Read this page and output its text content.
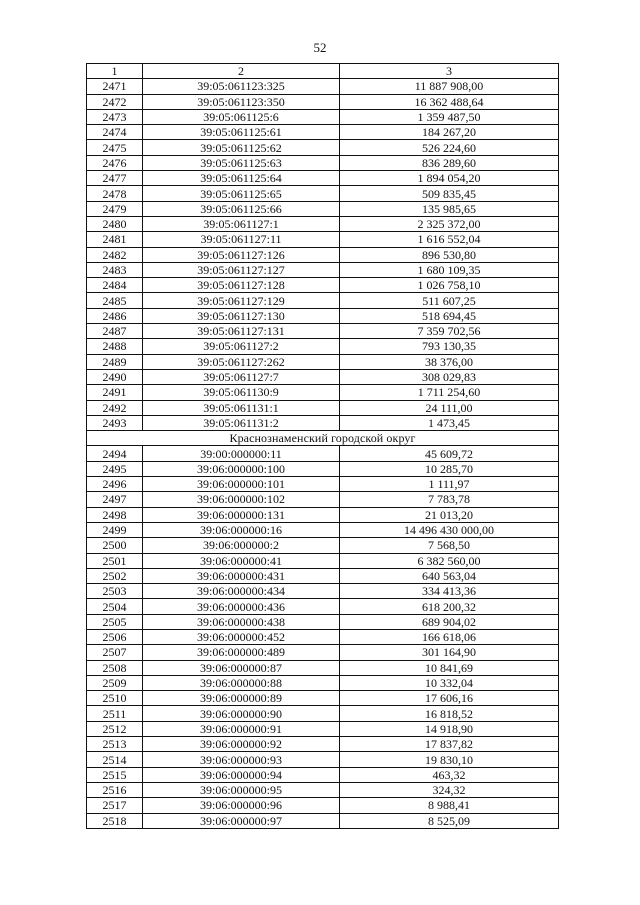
52
1	2	3
2471	39:05:061123:325	11 887 908,00
2472	39:05:061123:350	16 362 488,64
2473	39:05:061125:6	1 359 487,50
2474	39:05:061125:61	184 267,20
2475	39:05:061125:62	526 224,60
2476	39:05:061125:63	836 289,60
2477	39:05:061125:64	1 894 054,20
2478	39:05:061125:65	509 835,45
2479	39:05:061125:66	135 985,65
2480	39:05:061127:1	2 325 372,00
2481	39:05:061127:11	1 616 552,04
2482	39:05:061127:126	896 530,80
2483	39:05:061127:127	1 680 109,35
2484	39:05:061127:128	1 026 758,10
2485	39:05:061127:129	511 607,25
2486	39:05:061127:130	518 694,45
2487	39:05:061127:131	7 359 702,56
2488	39:05:061127:2	793 130,35
2489	39:05:061127:262	38 376,00
2490	39:05:061127:7	308 029,83
2491	39:05:061130:9	1 711 254,60
2492	39:05:061131:1	24 111,00
2493	39:05:061131:2	1 473,45
Краснознаменский городской округ		
2494	39:00:000000:11	45 609,72
2495	39:06:000000:100	10 285,70
2496	39:06:000000:101	1 111,97
2497	39:06:000000:102	7 783,78
2498	39:06:000000:131	21 013,20
2499	39:06:000000:16	14 496 430 000,00
2500	39:06:000000:2	7 568,50
2501	39:06:000000:41	6 382 560,00
2502	39:06:000000:431	640 563,04
2503	39:06:000000:434	334 413,36
2504	39:06:000000:436	618 200,32
2505	39:06:000000:438	689 904,02
2506	39:06:000000:452	166 618,06
2507	39:06:000000:489	301 164,90
2508	39:06:000000:87	10 841,69
2509	39:06:000000:88	10 332,04
2510	39:06:000000:89	17 606,16
2511	39:06:000000:90	16 818,52
2512	39:06:000000:91	14 918,90
2513	39:06:000000:92	17 837,82
2514	39:06:000000:93	19 830,10
2515	39:06:000000:94	463,32
2516	39:06:000000:95	324,32
2517	39:06:000000:96	8 988,41
2518	39:06:000000:97	8 525,09
